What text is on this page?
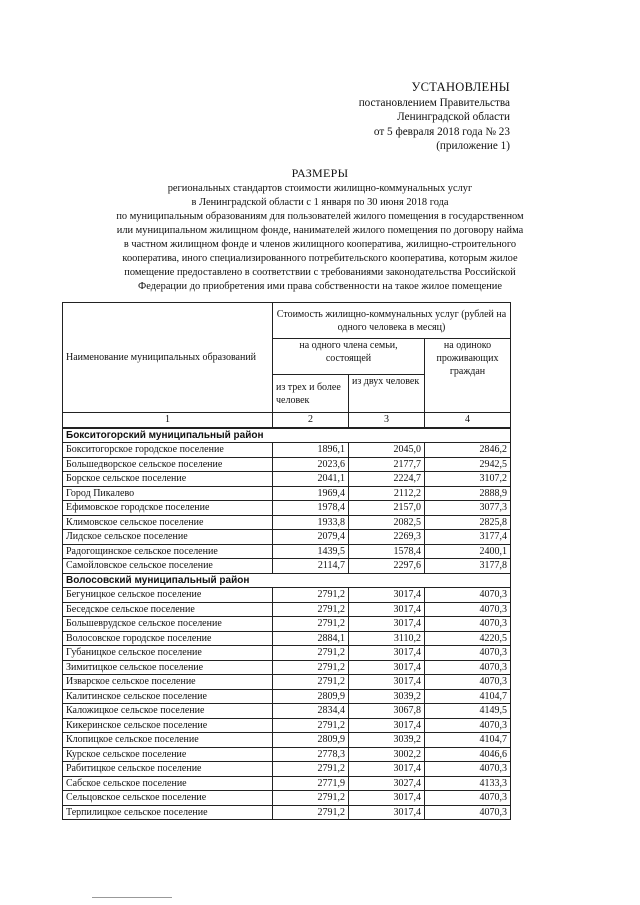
УСТАНОВЛЕНЫ
постановлением Правительства
Ленинградской области
от 5 февраля 2018 года № 23
(приложение 1)
РАЗМЕРЫ
региональных стандартов стоимости жилищно-коммунальных услуг
в Ленинградской области с 1 января по 30 июня 2018 года
по муниципальным образованиям для пользователей жилого помещения в государственном
или муниципальном жилищном фонде, нанимателей жилого помещения по договору найма
в частном жилищном фонде и членов жилищного кооператива, жилищно-строительного
кооператива, иного специализированного потребительского кооператива, которым жилое
помещение предоставлено в соответствии с требованиями законодательства Российской
Федерации до приобретения ими права собственности на такое жилое помещение
Наименование муниципальных образований	Стоимость жилищно-коммунальных услуг (рублей на одного человека в месяц)		
	на одного члена семьи, состоящей		на одиноко проживающих граждан
	из трех и более человек	из двух человек	
1	2	3	4
Бокситогорский муниципальный район			
Бокситогорское городское поселение	1896,1	2045,0	2846,2
Большедворское сельское поселение	2023,6	2177,7	2942,5
Борское сельское поселение	2041,1	2224,7	3107,2
Город Пикалево	1969,4	2112,2	2888,9
Ефимовское городское поселение	1978,4	2157,0	3077,3
Климовское сельское поселение	1933,8	2082,5	2825,8
Лидское сельское поселение	2079,4	2269,3	3177,4
Радогощинское сельское поселение	1439,5	1578,4	2400,1
Самойловское сельское поселение	2114,7	2297,6	3177,8
Волосовский муниципальный район			
Бегуницкое сельское поселение	2791,2	3017,4	4070,3
Беседское сельское поселение	2791,2	3017,4	4070,3
Большеврудское сельское поселение	2791,2	3017,4	4070,3
Волосовское городское поселение	2884,1	3110,2	4220,5
Губаницкое сельское поселение	2791,2	3017,4	4070,3
Зимитицкое сельское поселение	2791,2	3017,4	4070,3
Изварское сельское поселение	2791,2	3017,4	4070,3
Калитинское сельское поселение	2809,9	3039,2	4104,7
Каложицкое сельское поселение	2834,4	3067,8	4149,5
Кикеринское сельское поселение	2791,2	3017,4	4070,3
Клопицкое сельское поселение	2809,9	3039,2	4104,7
Курское сельское поселение	2778,3	3002,2	4046,6
Рабитицкое сельское поселение	2791,2	3017,4	4070,3
Сабское сельское поселение	2771,9	3027,4	4133,3
Сельцовское сельское поселение	2791,2	3017,4	4070,3
Терпилицкое сельское поселение	2791,2	3017,4	4070,3
